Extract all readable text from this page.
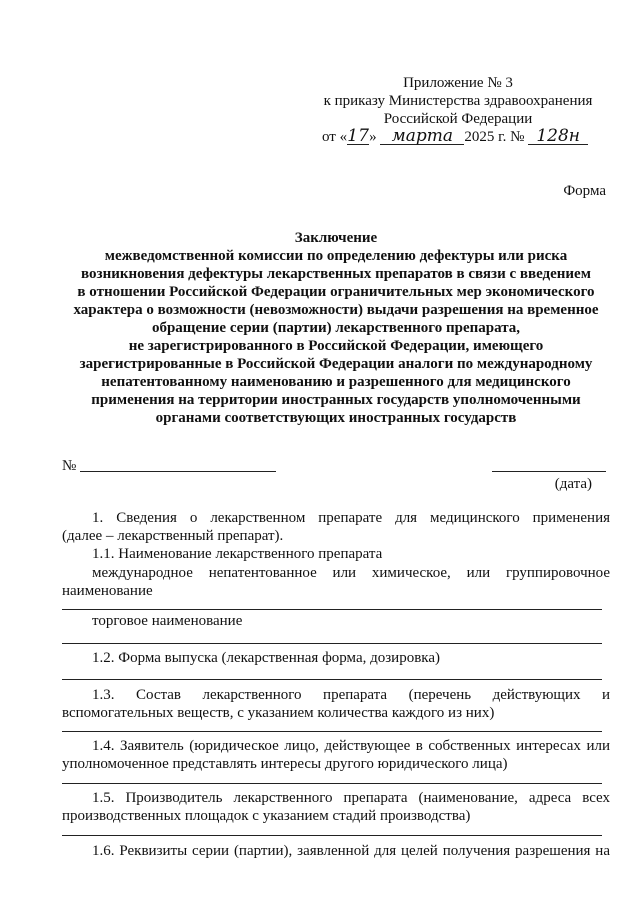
Приложение № 3
к приказу Министерства здравоохранения
Российской Федерации
от «17» марта 2025 г. № 128н
Форма
Заключение
межведомственной комиссии по определению дефектуры или риска
возникновения дефектуры лекарственных препаратов в связи с введением
в отношении Российской Федерации ограничительных мер экономического
характера о возможности (невозможности) выдачи разрешения на временное
обращение серии (партии) лекарственного препарата,
не зарегистрированного в Российской Федерации, имеющего
зарегистрированные в Российской Федерации аналоги по международному
непатентованному наименованию и разрешенного для медицинского
применения на территории иностранных государств уполномоченными
органами соответствующих иностранных государств
№
(дата)
1. Сведения о лекарственном препарате для медицинского применения
(далее – лекарственный препарат).
1.1. Наименование лекарственного препарата
международное непатентованное или химическое, или группировочное
наименование
торговое наименование
1.2. Форма выпуска (лекарственная форма, дозировка)
1.3. Состав лекарственного препарата (перечень действующих и
вспомогательных веществ, с указанием количества каждого из них)
1.4. Заявитель (юридическое лицо, действующее в собственных интересах или
уполномоченное представлять интересы другого юридического лица)
1.5. Производитель лекарственного препарата (наименование, адреса всех
производственных площадок с указанием стадий производства)
1.6. Реквизиты серии (партии), заявленной для целей получения разрешения на
